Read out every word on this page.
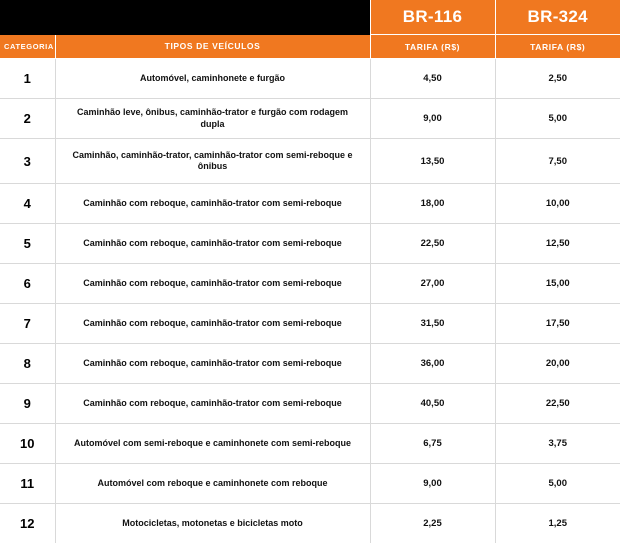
		BR-116	BR-324
CATEGORIA	TIPOS DE VEÍCULOS	TARIFA (R$)	TARIFA (R$)
1	Automóvel, caminhonete e furgão	4,50	2,50
2	Caminhão leve, ônibus, caminhão-trator e furgão com rodagem dupla	9,00	5,00
3	Caminhão, caminhão-trator, caminhão-trator com semi-reboque e ônibus	13,50	7,50
4	Caminhão com reboque, caminhão-trator com semi-reboque	18,00	10,00
5	Caminhão com reboque, caminhão-trator com semi-reboque	22,50	12,50
6	Caminhão com reboque, caminhão-trator com semi-reboque	27,00	15,00
7	Caminhão com reboque, caminhão-trator com semi-reboque	31,50	17,50
8	Caminhão com reboque, caminhão-trator com semi-reboque	36,00	20,00
9	Caminhão com reboque, caminhão-trator com semi-reboque	40,50	22,50
10	Automóvel com semi-reboque e caminhonete com semi-reboque	6,75	3,75
11	Automóvel com reboque e caminhonete com reboque	9,00	5,00
12	Motocicletas, motonetas e bicicletas moto	2,25	1,25
